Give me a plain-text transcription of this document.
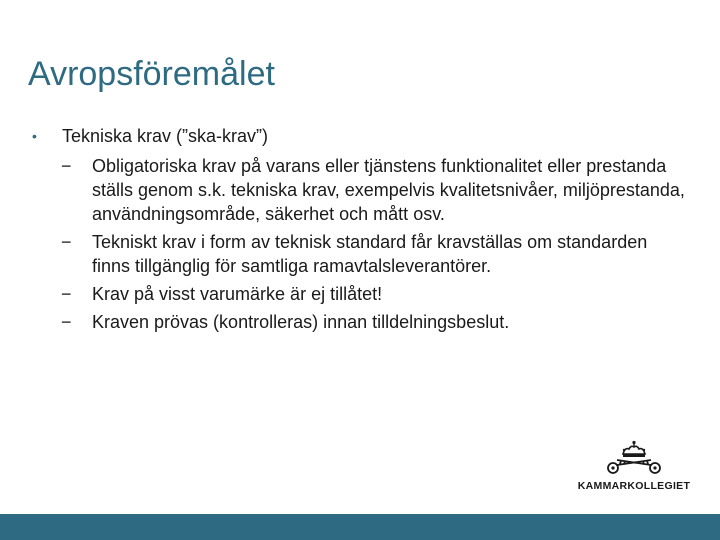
Avropsföremålet
• Tekniska krav (”ska-krav”)
− Obligatoriska krav på varans eller tjänstens funktionalitet eller prestanda ställs genom s.k. tekniska krav, exempelvis kvalitetsnivåer, miljöprestanda, användningsområde, säkerhet och mått osv.
− Tekniskt krav i form av teknisk standard får kravställas om standarden finns tillgänglig för samtliga ramavtalsleverantörer.
− Krav på visst varumärke är ej tillåtet!
− Kraven prövas (kontrolleras) innan tilldelningsbeslut.
KAMMARKOLLEGIET
